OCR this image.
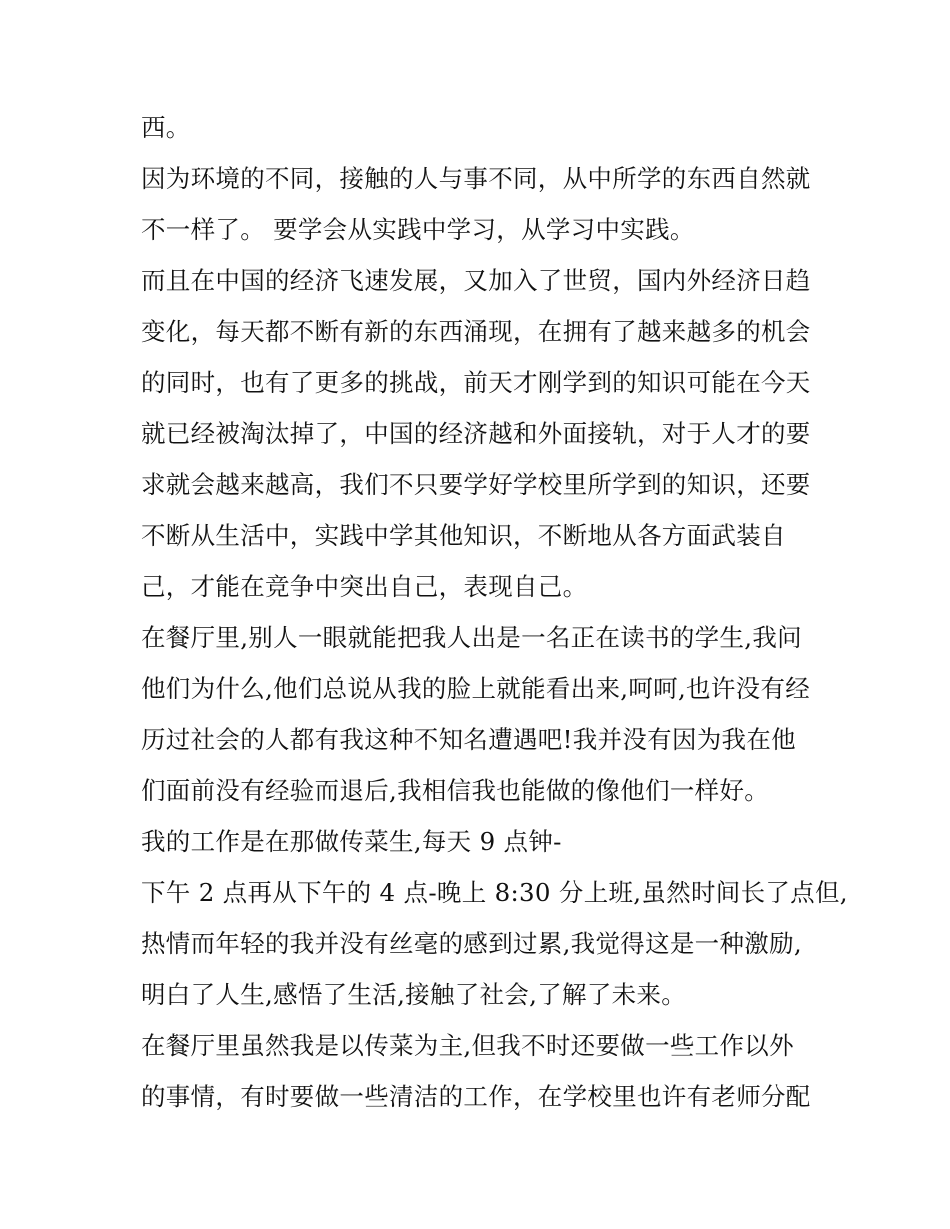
西。
因为环境的不同，接触的人与事不同，从中所学的东西自然就
不一样了。 要学会从实践中学习，从学习中实践。
而且在中国的经济飞速发展，又加入了世贸，国内外经济日趋
变化，每天都不断有新的东西涌现，在拥有了越来越多的机会
的同时，也有了更多的挑战，前天才刚学到的知识可能在今天
就已经被淘汰掉了，中国的经济越和外面接轨，对于人才的要
求就会越来越高，我们不只要学好学校里所学到的知识，还要
不断从生活中，实践中学其他知识，不断地从各方面武装自
己，才能在竞争中突出自己，表现自己。
在餐厅里,别人一眼就能把我人出是一名正在读书的学生,我问
他们为什么,他们总说从我的脸上就能看出来,呵呵,也许没有经
历过社会的人都有我这种不知名遭遇吧!我并没有因为我在他
们面前没有经验而退后,我相信我也能做的像他们一样好。
我的工作是在那做传菜生,每天 9 点钟-
下午 2 点再从下午的 4 点-晚上 8:30 分上班,虽然时间长了点但,
热情而年轻的我并没有丝毫的感到过累,我觉得这是一种激励,
明白了人生,感悟了生活,接触了社会,了解了未来。
在餐厅里虽然我是以传菜为主,但我不时还要做一些工作以外
的事情，有时要做一些清洁的工作，在学校里也许有老师分配
